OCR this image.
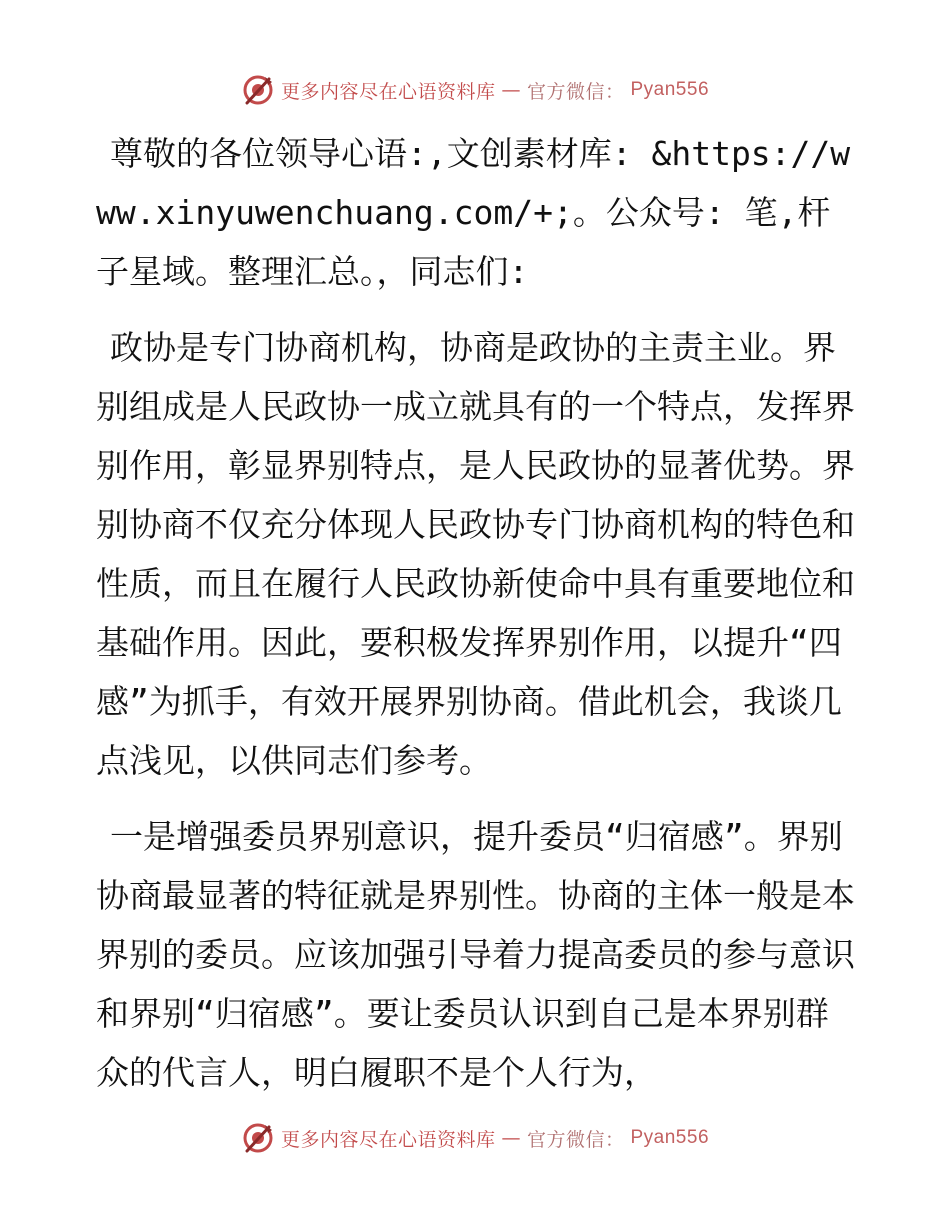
更多内容尽在心语资料库 — 官方微信： Pyan556

尊敬的各位领导心语:,文创素材库: &https://www.xinyuwenchuang.com/+;。公众号: 笔,杆子星域。整理汇总。，同志们:

政协是专门协商机构，协商是政协的主责主业。界别组成是人民政协一成立就具有的一个特点，发挥界别作用，彰显界别特点，是人民政协的显著优势。界别协商不仅充分体现人民政协专门协商机构的特色和性质，而且在履行人民政协新使命中具有重要地位和基础作用。因此，要积极发挥界别作用，以提升“四感”为抓手，有效开展界别协商。借此机会，我谈几点浅见，以供同志们参考。

一是增强委员界别意识，提升委员“归宿感”。界别协商最显著的特征就是界别性。协商的主体一般是本界别的委员。应该加强引导着力提高委员的参与意识和界别“归宿感”。要让委员认识到自己是本界别群众的代言人，明白履职不是个人行为，

更多内容尽在心语资料库 — 官方微信： Pyan556
